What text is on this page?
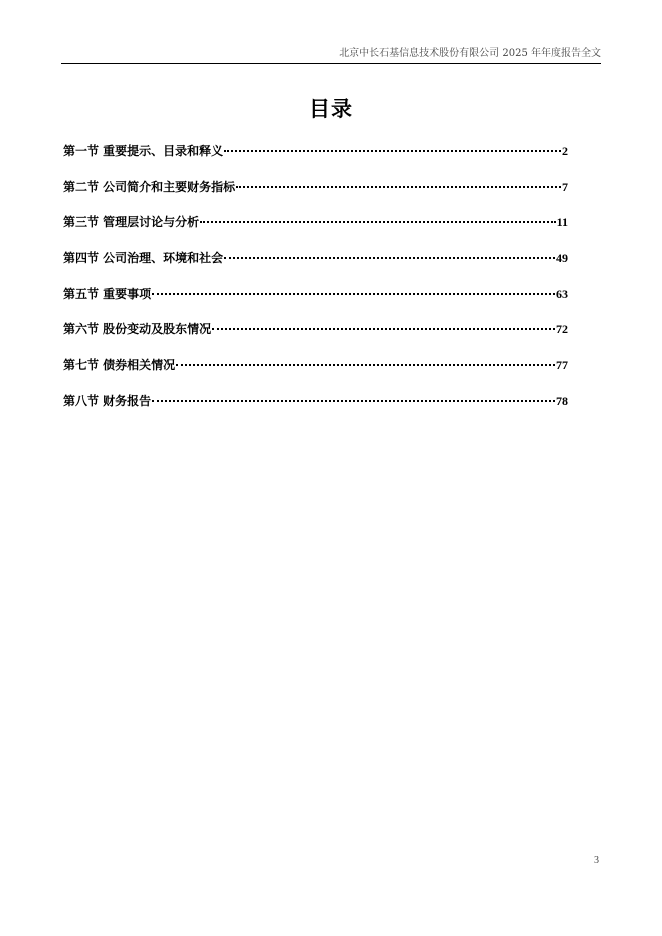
北京中长石基信息技术股份有限公司 2025 年年度报告全文
目录
第一节 重要提示、目录和释义	2
第二节 公司简介和主要财务指标	7
第三节 管理层讨论与分析	11
第四节 公司治理、环境和社会	49
第五节 重要事项	63
第六节 股份变动及股东情况	72
第七节 债券相关情况	77
第八节 财务报告	78
3
